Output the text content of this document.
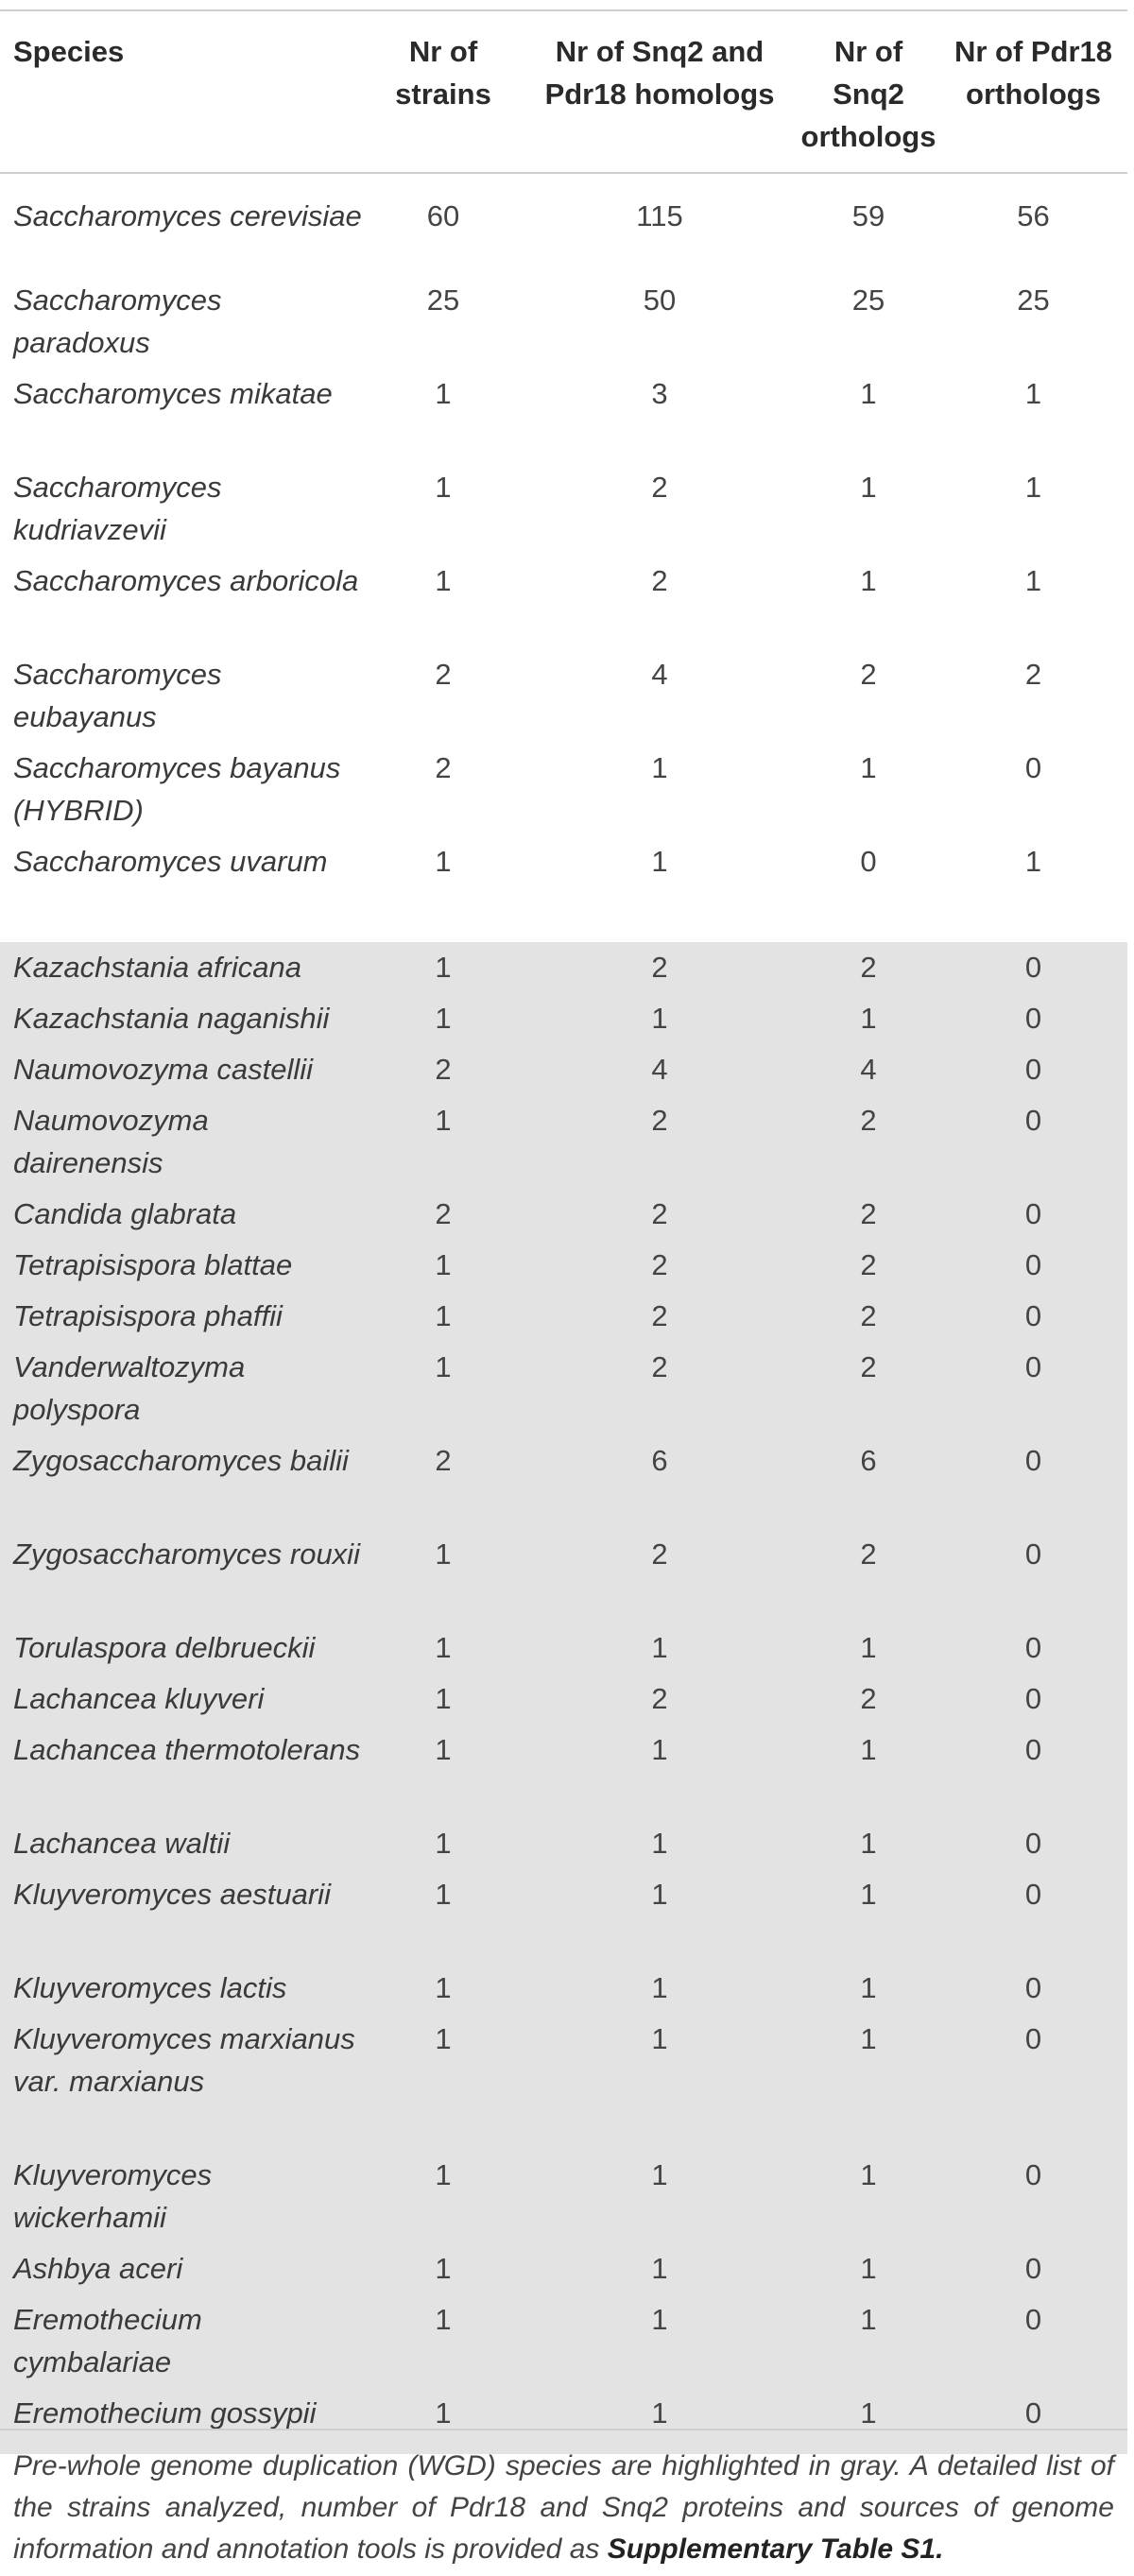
Species	Nr of strains	Nr of Snq2 and Pdr18 homologs	Nr of Snq2 orthologs	Nr of Pdr18 orthologs
Saccharomyces cerevisiae	60	115	59	56
Saccharomyces paradoxus	25	50	25	25
Saccharomyces mikatae	1	3	1	1
Saccharomyces kudriavzevii	1	2	1	1
Saccharomyces arboricola	1	2	1	1
Saccharomyces eubayanus	2	4	2	2
Saccharomyces bayanus (HYBRID)	2	1	1	0
Saccharomyces uvarum	1	1	0	1
Kazachstania africana	1	2	2	0
Kazachstania naganishii	1	1	1	0
Naumovozyma castellii	2	4	4	0
Naumovozyma dairenensis	1	2	2	0
Candida glabrata	2	2	2	0
Tetrapisispora blattae	1	2	2	0
Tetrapisispora phaffii	1	2	2	0
Vanderwaltozyma polyspora	1	2	2	0
Zygosaccharomyces bailii	2	6	6	0
Zygosaccharomyces rouxii	1	2	2	0
Torulaspora delbrueckii	1	1	1	0
Lachancea kluyveri	1	2	2	0
Lachancea thermotolerans	1	1	1	0
Lachancea waltii	1	1	1	0
Kluyveromyces aestuarii	1	1	1	0
Kluyveromyces lactis	1	1	1	0
Kluyveromyces marxianus var. marxianus	1	1	1	0
Kluyveromyces wickerhamii	1	1	1	0
Ashbya aceri	1	1	1	0
Eremothecium cymbalariae	1	1	1	0
Eremothecium gossypii	1	1	1	0
Pre-whole genome duplication (WGD) species are highlighted in gray. A detailed list of the strains analyzed, number of Pdr18 and Snq2 proteins and sources of genome information and annotation tools is provided as Supplementary Table S1.
